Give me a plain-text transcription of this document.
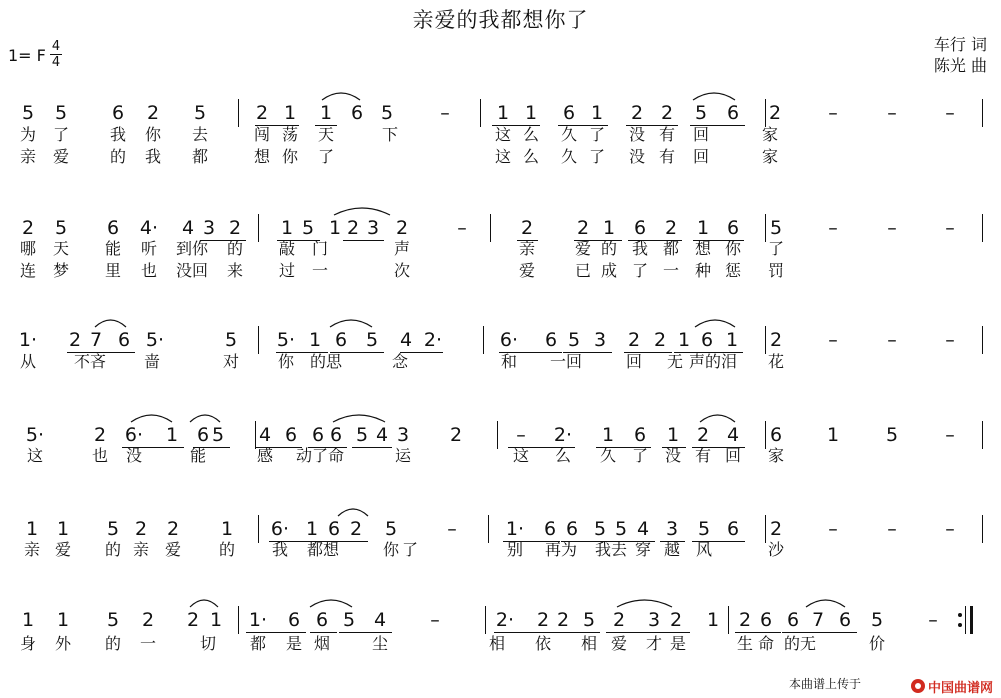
亲爱的我都想你了
1= F 4
4
车行 词
陈光 曲
5 5 6 2 5	2 1 1 6 5 – 1 1 6 1 2 2 5 6 2 –	–	–
为 了	我 你 去	闯 荡 天	下	这 么 久 了 没 有 回	家
亲 爱	的 我 都	想 你 了	这 么 久 了 没 有 回	家
2 5 6 4· 4 3 2 1 5 1 2 3 2	–	2 2 1 6 2 1 6 5 –	–	–
哪 天 能 听 到你 的 敲 门	声	亲 爱 的 我 都 想 你 了
连 梦 里 也 没回 来 过 一	次	爱 已 成 了 一 种 惩 罚
1· 2 7 6 5·	5 5· 1 6 5 4 2·	6· 6 5 3 2 2 1 6 1 2 –	–	–
从 不吝 啬	对 你 的思	念	和 一回	回 无 声的泪 花
5·	2 6· 1 6 5 4 6 6 6 5 4 3 2	– 2· 1 6 1 2 4 6 1 5 –
这	也 没	能	感 动了命	运	这 么 久 了 没 有 回 家
1 1 5 2 2 1 6· 1 6 2 5	–	1· 6 6 5 5 4 3 5 6 2 –	–	–
亲 爱 的 亲 爱 的 我 都想	你 了	别 再为 我去 穿 越 风	沙
1 1 5 2 2 1 1· 6 6 5 4 –	2· 2 2 5 2 3 2 1 2 6 6 7 6 5 –
身 外 的 一	切 都 是 烟	尘	相 依 相 爱 才 是	生 命 的无	价
本曲谱上传于	中国曲谱网
